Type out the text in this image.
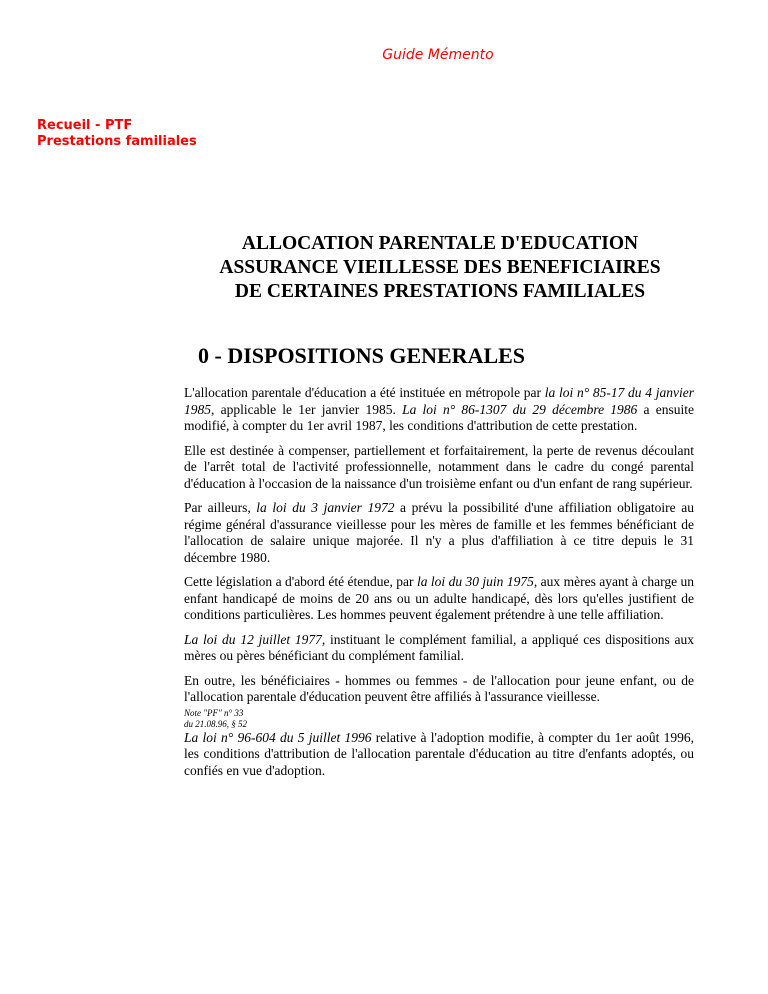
Guide Mémento
Recueil - PTF
Prestations familiales
ALLOCATION PARENTALE D'EDUCATION
ASSURANCE VIEILLESSE DES BENEFICIAIRES
DE CERTAINES PRESTATIONS FAMILIALES
0 - DISPOSITIONS GENERALES

L'allocation parentale d'éducation a été instituée en métropole par la loi n° 85-17 du 4 janvier 1985, applicable le 1er janvier 1985. La loi n° 86-1307 du 29 décembre 1986 a ensuite modifié, à compter du 1er avril 1987, les conditions d'attribution de cette prestation.

Elle est destinée à compenser, partiellement et forfaitairement, la perte de revenus découlant de l'arrêt total de l'activité professionnelle, notamment dans le cadre du congé parental d'éducation à l'occasion de la naissance d'un troisième enfant ou d'un enfant de rang supérieur.

Par ailleurs, la loi du 3 janvier 1972 a prévu la possibilité d'une affiliation obligatoire au régime général d'assurance vieillesse pour les mères de famille et les femmes bénéficiant de l'allocation de salaire unique majorée. Il n'y a plus d'affiliation à ce titre depuis le 31 décembre 1980.

Cette législation a d'abord été étendue, par la loi du 30 juin 1975, aux mères ayant à charge un enfant handicapé de moins de 20 ans ou un adulte handicapé, dès lors qu'elles justifient de conditions particulières. Les hommes peuvent également prétendre à une telle affiliation.

La loi du 12 juillet 1977, instituant le complément familial, a appliqué ces dispositions aux mères ou pères bénéficiant du complément familial.

En outre, les bénéficiaires - hommes ou femmes - de l'allocation pour jeune enfant, ou de l'allocation parentale d'éducation peuvent être affiliés à l'assurance vieillesse.

Note "PF" n° 33
du 21.08.96, § 52

La loi n° 96-604 du 5 juillet 1996 relative à l'adoption modifie, à compter du 1er août 1996, les conditions d'attribution de l'allocation parentale d'éducation au titre d'enfants adoptés, ou confiés en vue d'adoption.
